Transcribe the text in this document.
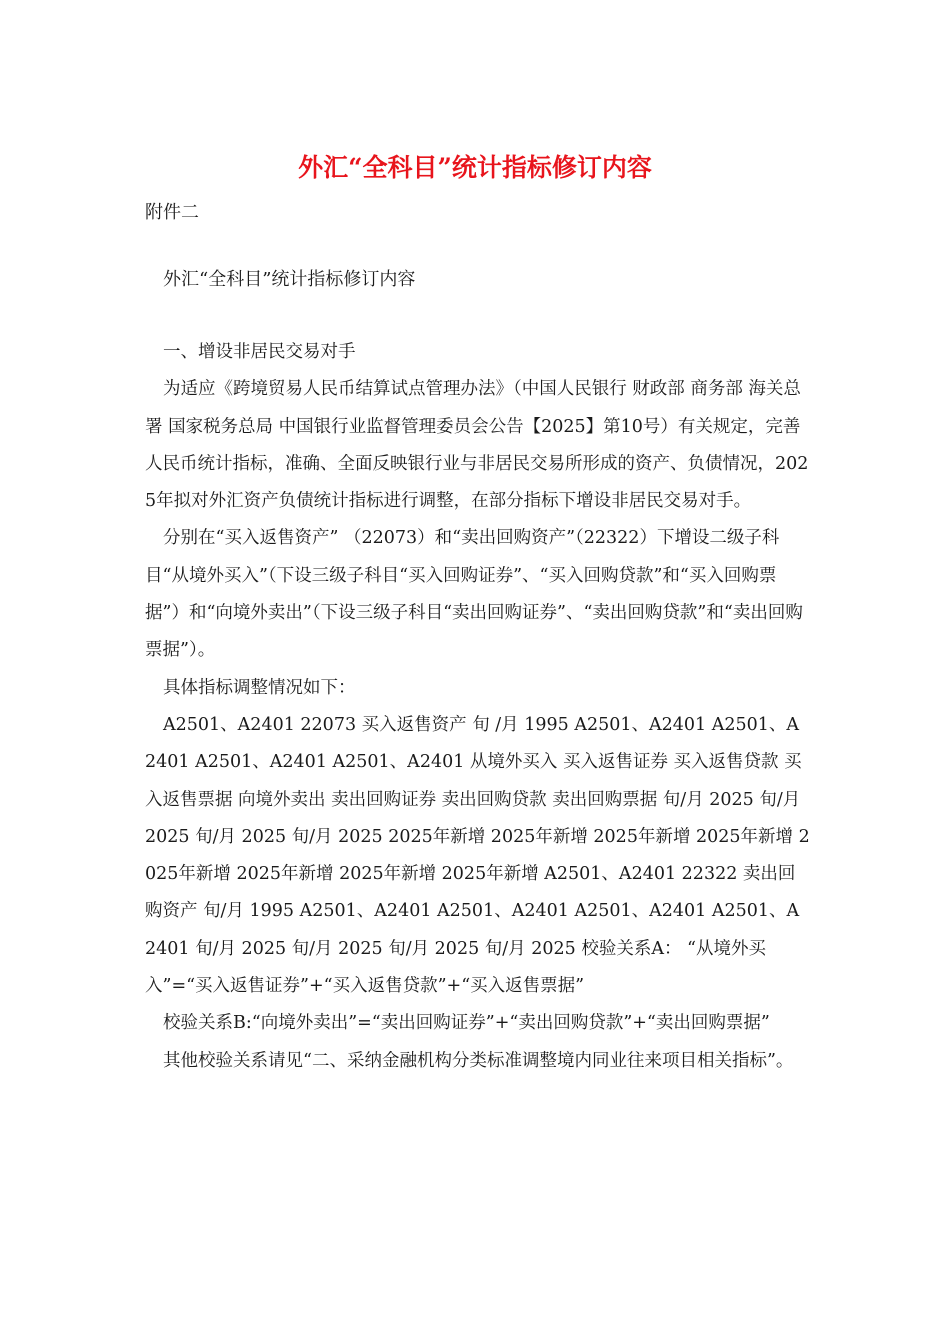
外汇“全科目”统计指标修订内容

附件二

外汇“全科目”统计指标修订内容

一、增设非居民交易对手

为适应《跨境贸易人民币结算试点管理办法》（中国人民银行 财政部 商务部 海关总署 国家税务总局 中国银行业监督管理委员会公告【2025】第10号）有关规定，完善人民币统计指标，准确、全面反映银行业与非居民交易所形成的资产、负债情况，2025年拟对外汇资产负债统计指标进行调整，在部分指标下增设非居民交易对手。

分别在“买入返售资产” （22073）和“卖出回购资产”（22322）下增设二级子科目“从境外买入”（下设三级子科目“买入回购证券”、“买入回购贷款”和“买入回购票据”）和“向境外卖出”（下设三级子科目“卖出回购证券”、“卖出回购贷款”和“卖出回购票据”）。

具体指标调整情况如下：

A2501、A2401 22073 买入返售资产 旬 /月 1995 A2501、A2401 A2501、A2401 A2501、A2401 A2501、A2401 从境外买入 买入返售证券 买入返售贷款 买入返售票据 向境外卖出 卖出回购证券 卖出回购贷款 卖出回购票据 旬/月 2025 旬/月 2025 旬/月 2025 旬/月 2025 2025年新增 2025年新增 2025年新增 2025年新增 2025年新增 2025年新增 2025年新增 2025年新增 A2501、A2401 22322 卖出回购资产 旬/月 1995 A2501、A2401 A2501、A2401 A2501、A2401 A2501、A2401 旬/月 2025 旬/月 2025 旬/月 2025 旬/月 2025 校验关系A： “从境外买入”=“买入返售证券”+“买入返售贷款”+“买入返售票据”

校验关系B:“向境外卖出”=“卖出回购证券”+“卖出回购贷款”+“卖出回购票据”

其他校验关系请见“二、采纳金融机构分类标准调整境内同业往来项目相关指标”。
